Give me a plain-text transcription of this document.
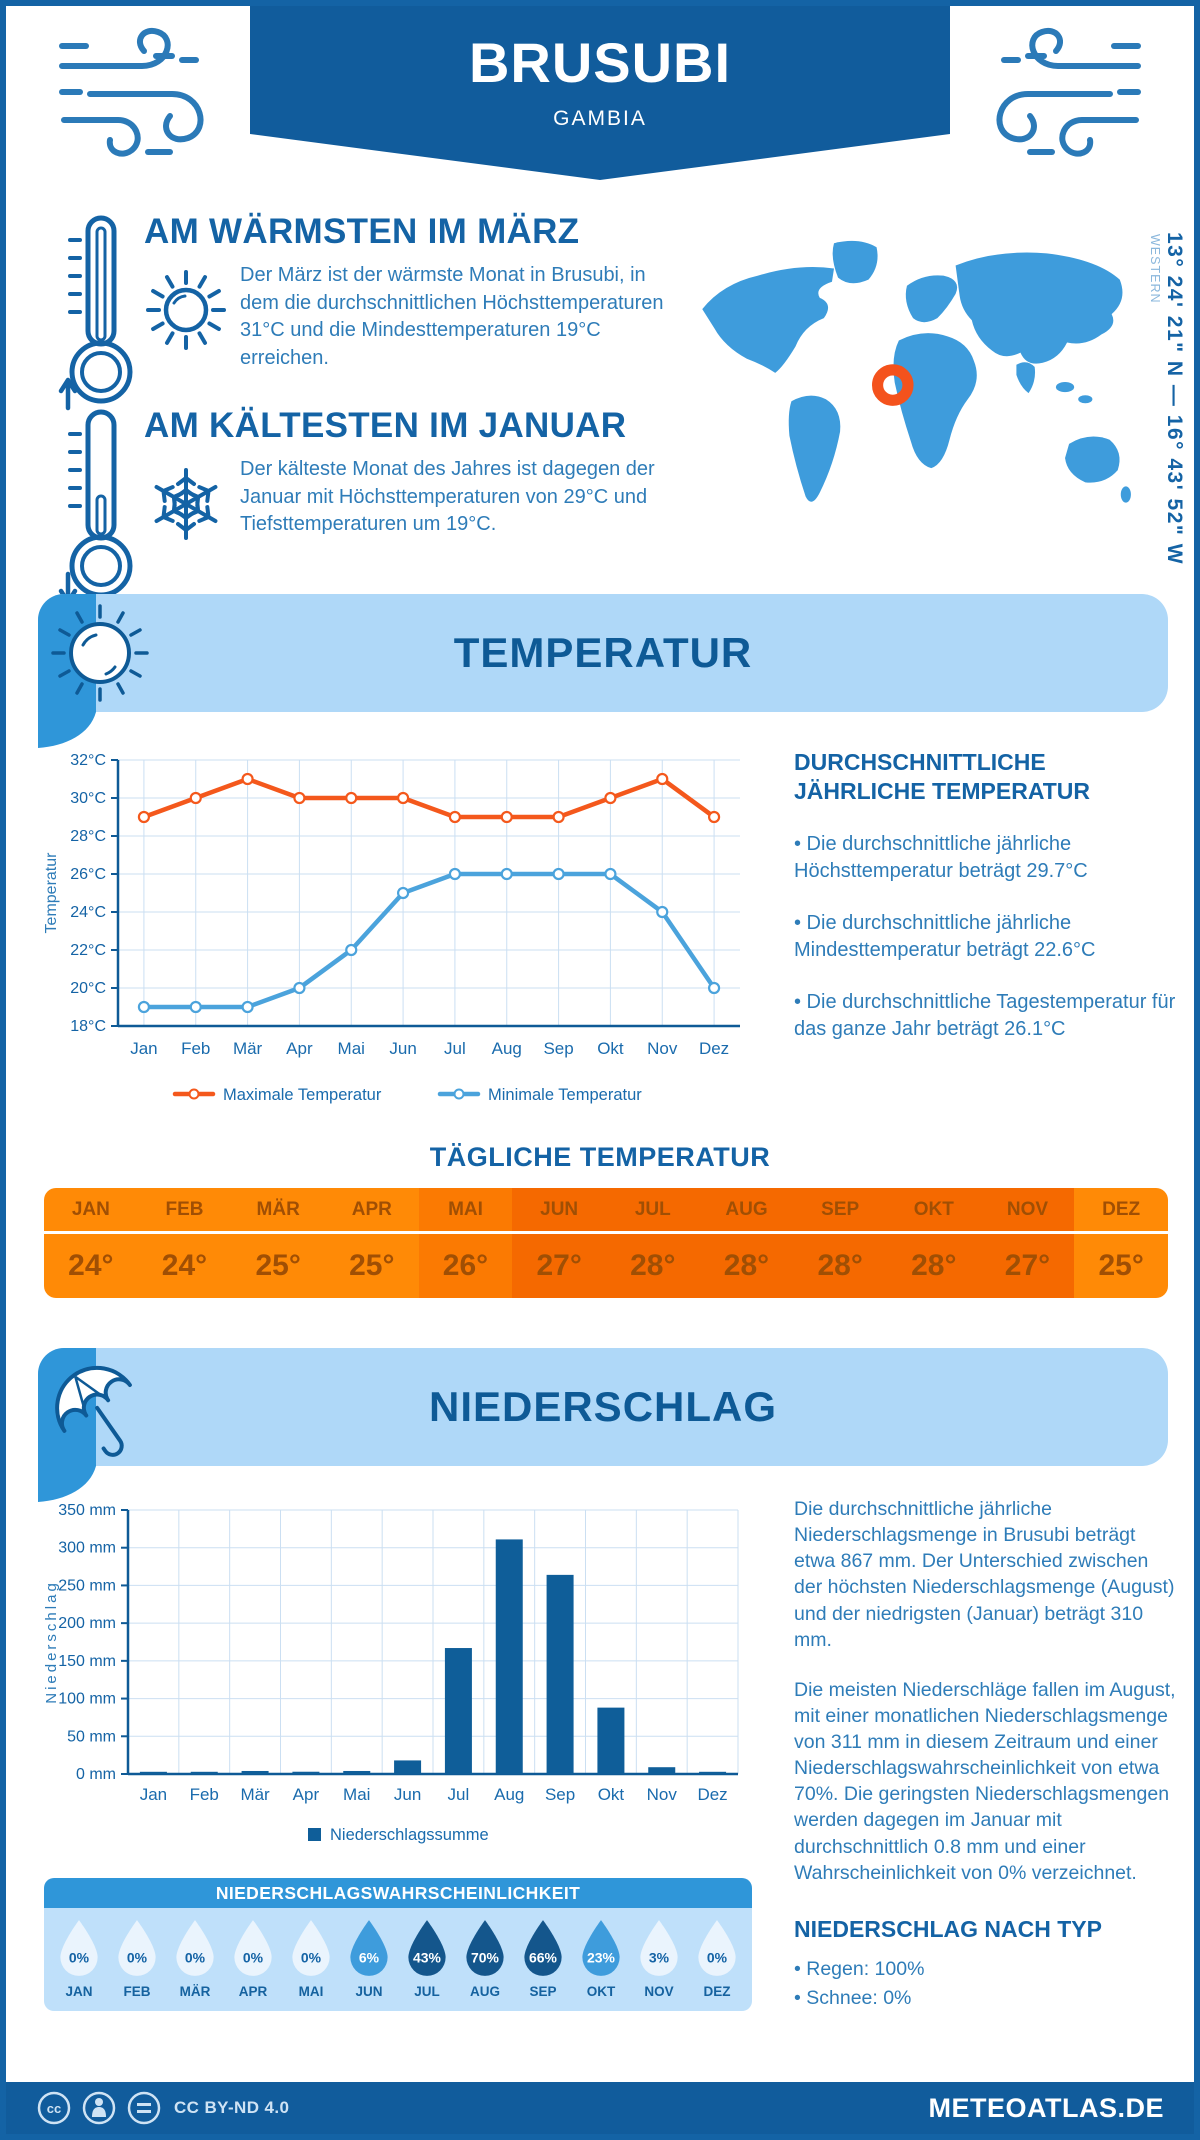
BRUSUBI
GAMBIA
AM WÄRMSTEN IM MÄRZ

Der März ist der wärmste Monat in Brusubi, in dem die durchschnittlichen Höchsttemperaturen 31°C und die Mindesttemperaturen 19°C erreichen.

AM KÄLTESTEN IM JANUAR

Der kälteste Monat des Jahres ist dagegen der Januar mit Höchsttemperaturen von 29°C und Tiefsttemperaturen um 19°C.	13° 24' 21" N — 16° 43' 52" W
WESTERN
TEMPERATUR
18°C
20°C
22°C
24°C
26°C
28°C
30°C
32°C
Jan Feb Mär Apr Mai Jun Jul Aug Sep Okt Nov Dez
Temperatur
Maximale Temperatur	Minimale Temperatur
DURCHSCHNITTLICHE JÄHRLICHE TEMPERATUR

• Die durchschnittliche jährliche Höchsttemperatur beträgt 29.7°C

• Die durchschnittliche jährliche Mindesttemperatur beträgt 22.6°C

• Die durchschnittliche Tagestemperatur für das ganze Jahr beträgt 26.1°C

TÄGLICHE TEMPERATUR
JAN	FEB	MÄR	APR	MAI	JUN	JUL	AUG	SEP	OKT	NOV	DEZ
24°	24°	25°	25°	26°	27°	28°	28°	28°	28°	27°	25°
NIEDERSCHLAG
0 mm
50 mm
100 mm
150 mm
200 mm
250 mm
300 mm
350 mm
Jan Feb Mär Apr Mai Jun Jul Aug Sep Okt Nov Dez
Niederschlag
Niederschlagssumme

Die durchschnittliche jährliche Niederschlagsmenge in Brusubi beträgt etwa 867 mm. Der Unterschied zwischen der höchsten Niederschlagsmenge (August) und der niedrigsten (Januar) beträgt 310 mm.

Die meisten Niederschläge fallen im August, mit einer monatlichen Niederschlagsmenge von 311 mm in diesem Zeitraum und einer Niederschlagswahrscheinlichkeit von etwa 70%. Die geringsten Niederschlagsmengen werden dagegen im Januar mit durchschnittlich 0.8 mm und einer Wahrscheinlichkeit von 0% verzeichnet.

NIEDERSCHLAG NACH TYP

• Regen: 100%

• Schnee: 0%

NIEDERSCHLAGSWAHRSCHEINLICHKEIT
0%
JAN
0%
FEB
0%
MÄR
0%
APR
0%
MAI
6%
JUN
43%
JUL
70%
AUG
66%
SEP
23%
OKT
3%
NOV
0%
DEZ
cc	CC BY-ND 4.0	METEOATLAS.DE
